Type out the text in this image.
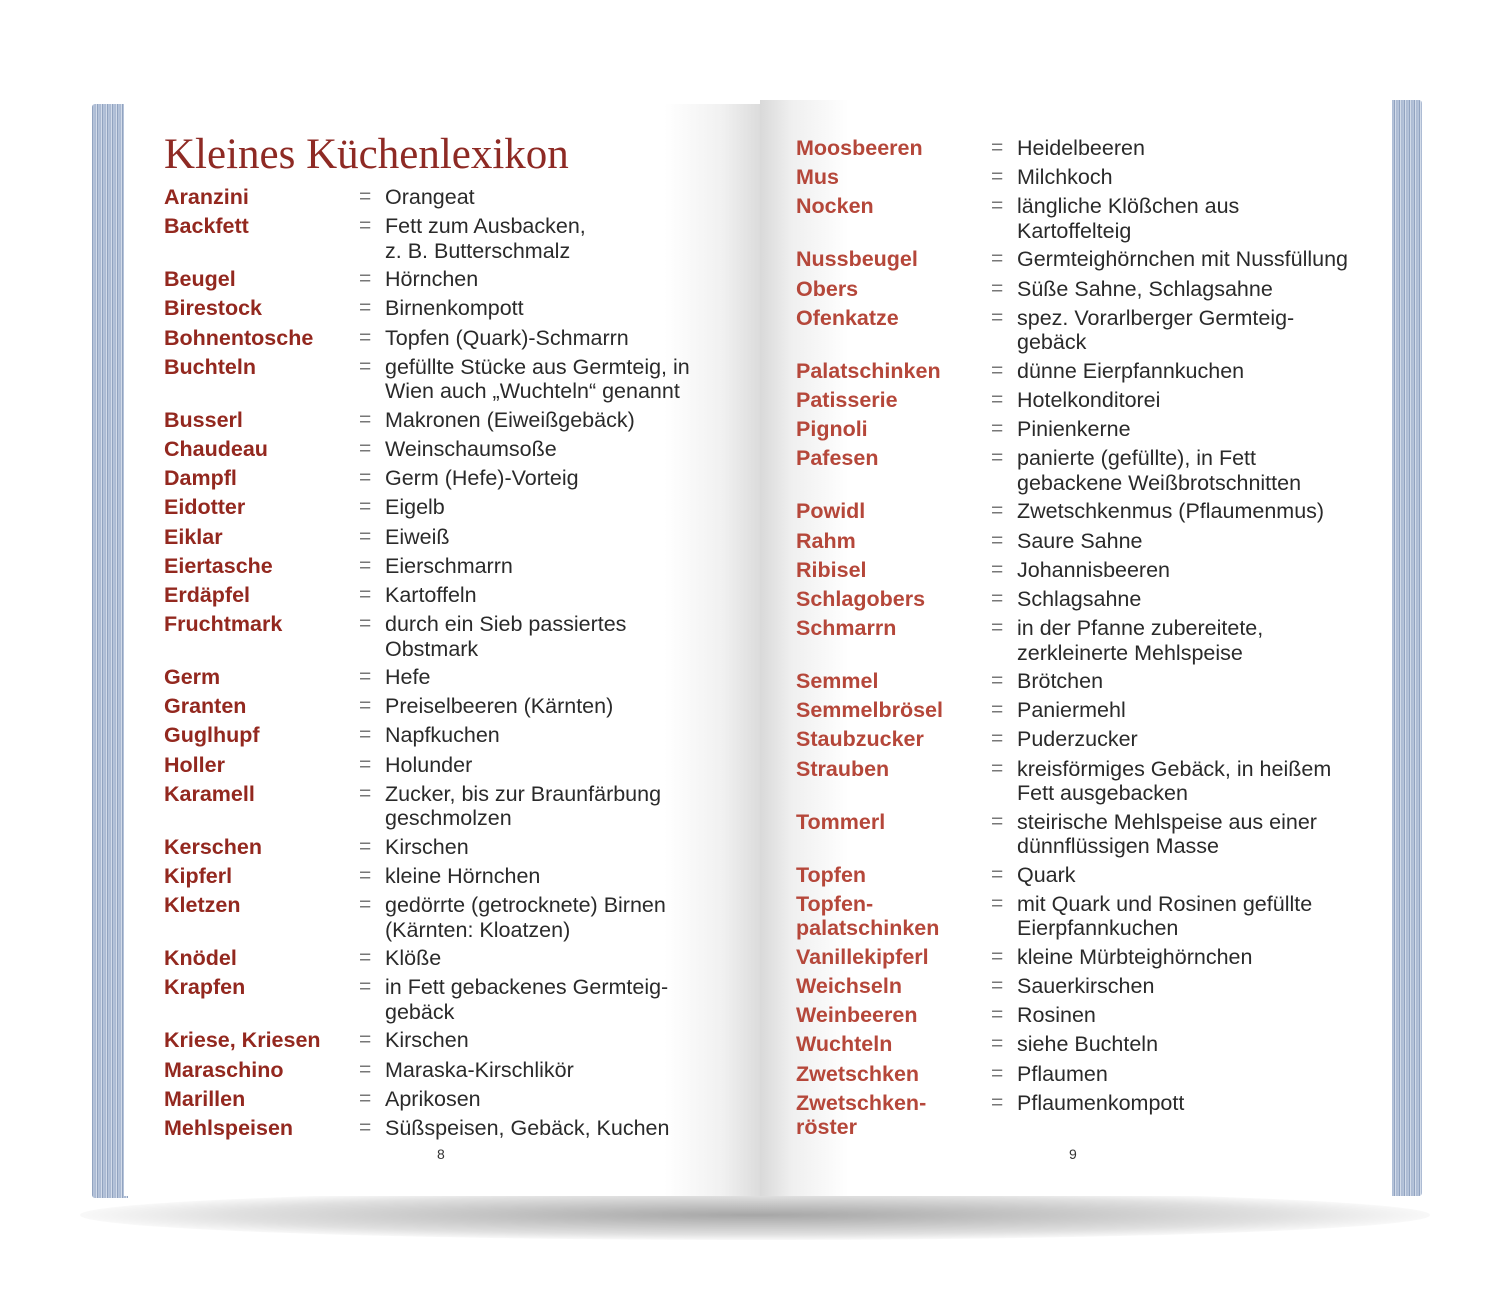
Kleines Küchenlexikon
Aranzini	= Orangeat
Backfett	= Fett zum Ausbacken,
z. B. Butterschmalz
Beugel	= Hörnchen
Birestock	= Birnenkompott
Bohnentosche = Topfen (Quark)-Schmarrn
Buchteln	= gefüllte Stücke aus Germteig, in
Wien auch „Wuchteln“ genannt
Busserl	= Makronen (Eiweißgebäck)
Chaudeau	= Weinschaumsoße
Dampfl	= Germ (Hefe)-Vorteig
Eidotter	= Eigelb
Eiklar	= Eiweiß
Eiertasche	= Eierschmarrn
Erdäpfel	= Kartoffeln
Fruchtmark	= durch ein Sieb passiertes
Obstmark
Germ	= Hefe
Granten	= Preiselbeeren (Kärnten)
Guglhupf	= Napfkuchen
Holler	= Holunder
Karamell	= Zucker, bis zur Braunfärbung
geschmolzen
Kerschen	= Kirschen
Kipferl	= kleine Hörnchen
Kletzen	= gedörrte (getrocknete) Birnen
(Kärnten: Kloatzen)
Knödel	= Klöße
Krapfen	= in Fett gebackenes Germteig-
gebäck
Kriese, Kriesen = Kirschen
Maraschino	= Maraska-Kirschlikör
Marillen	= Aprikosen
Mehlspeisen	= Süßspeisen, Gebäck, Kuchen
Moosbeeren	= Heidelbeeren
Mus	= Milchkoch
Nocken	= längliche Klößchen aus
Kartoffelteig
Nussbeugel	= Germteighörnchen mit Nussfüllung
Obers	= Süße Sahne, Schlagsahne
Ofenkatze	= spez. Vorarlberger Germteig-
gebäck
Palatschinken = dünne Eierpfannkuchen
Patisserie	= Hotelkonditorei
Pignoli	= Pinienkerne
Pafesen	= panierte (gefüllte), in Fett
gebackene Weißbrotschnitten
Powidl	= Zwetschkenmus (Pflaumenmus)
Rahm	= Saure Sahne
Ribisel	= Johannisbeeren
Schlagobers	= Schlagsahne
Schmarrn	= in der Pfanne zubereitete,
zerkleinerte Mehlspeise
Semmel	= Brötchen
Semmelbrösel = Paniermehl
Staubzucker	= Puderzucker
Strauben	= kreisförmiges Gebäck, in heißem
Fett ausgebacken
Tommerl	= steirische Mehlspeise aus einer
dünnflüssigen Masse
Topfen	= Quark
Topfen-
palatschinken
= mit Quark und Rosinen gefüllte
Eierpfannkuchen
Vanillekipferl	= kleine Mürbteighörnchen
Weichseln	= Sauerkirschen
Weinbeeren	= Rosinen
Wuchteln	= siehe Buchteln
Zwetschken	= Pflaumen
Zwetschken-
röster
= Pflaumenkompott
8	9
